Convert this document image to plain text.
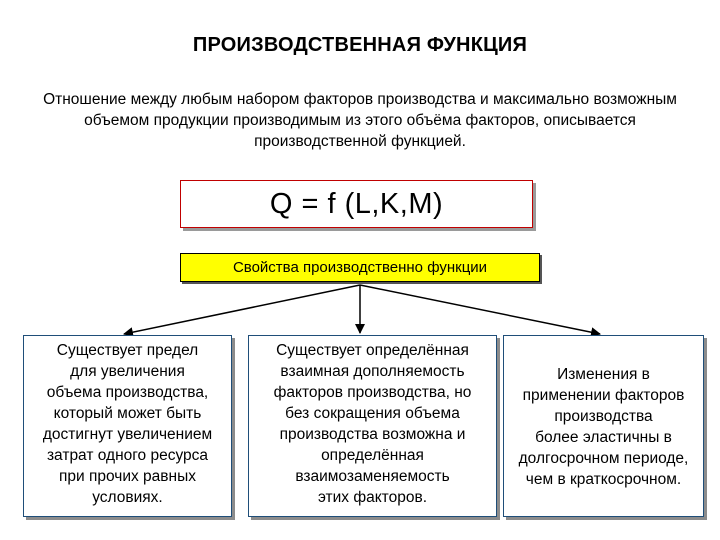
ПРОИЗВОДСТВЕННАЯ ФУНКЦИЯ
Отношение между любым набором факторов производства и максимально возможным объемом продукции производимым из этого объёма факторов, описывается производственной функцией.
Q = f (L,K,M)
Свойства производственно функции
Существует предел
для увеличения
объема производства,
который может быть
достигнут увеличением
затрат одного ресурса
при прочих равных
условиях.
Существует определённая
взаимная дополняемость
факторов производства, но
без сокращения объема
производства возможна и
определённая
взаимозаменяемость
этих факторов.
Изменения в
применении факторов
производства
более эластичны в
долгосрочном периоде,
чем в краткосрочном.
